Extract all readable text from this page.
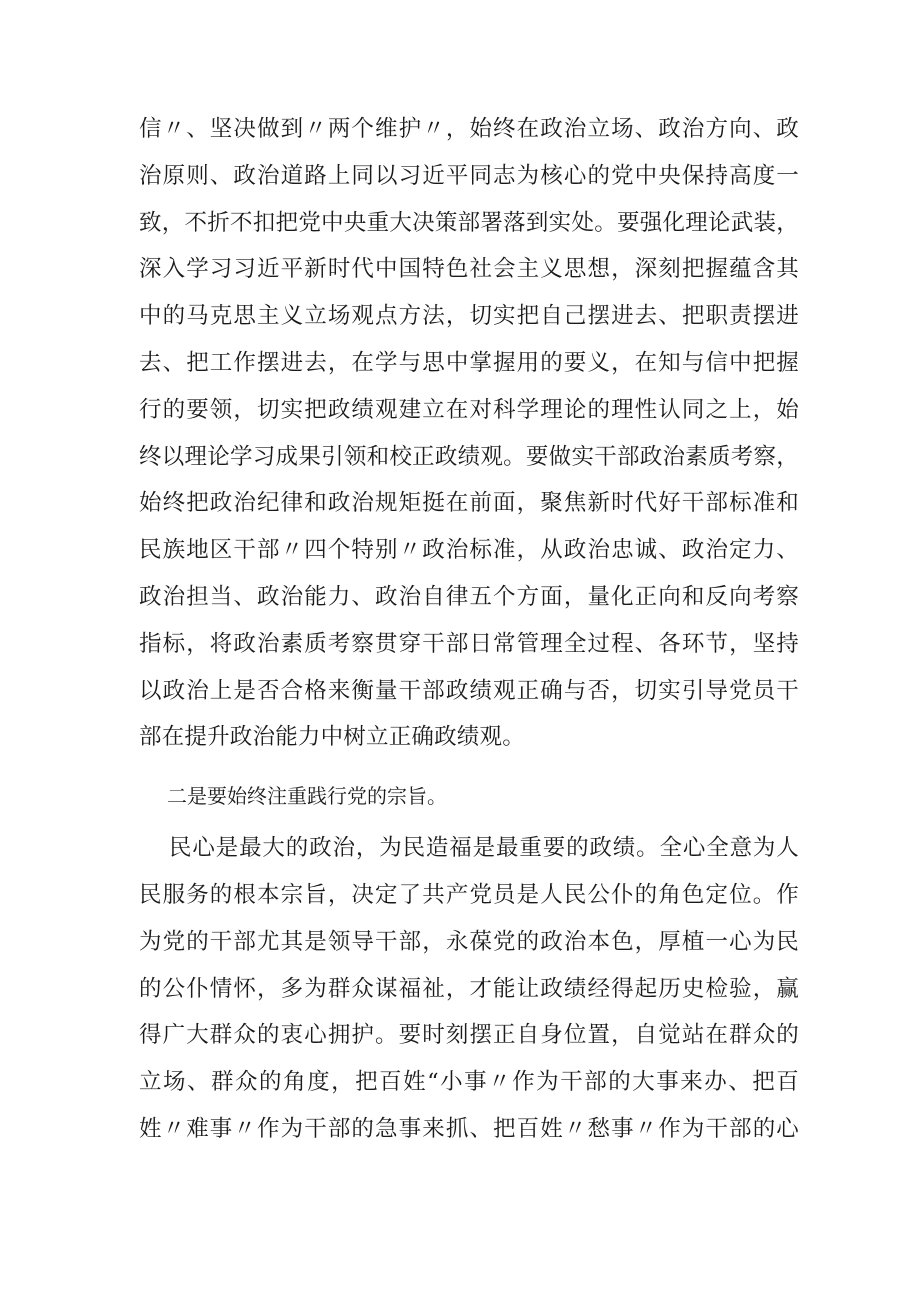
信〃、坚决做到〃两个维护〃，始终在政治立场、政治方向、政
治原则、政治道路上同以习近平同志为核心的党中央保持高度一
致，不折不扣把党中央重大决策部署落到实处。要强化理论武装，
深入学习习近平新时代中国特色社会主义思想，深刻把握蕴含其
中的马克思主义立场观点方法，切实把自己摆进去、把职责摆进
去、把工作摆进去，在学与思中掌握用的要义，在知与信中把握
行的要领，切实把政绩观建立在对科学理论的理性认同之上，始
终以理论学习成果引领和校正政绩观。要做实干部政治素质考察，
始终把政治纪律和政治规矩挺在前面，聚焦新时代好干部标准和
民族地区干部〃四个特别〃政治标准，从政治忠诚、政治定力、
政治担当、政治能力、政治自律五个方面，量化正向和反向考察
指标，将政治素质考察贯穿干部日常管理全过程、各环节，坚持
以政治上是否合格来衡量干部政绩观正确与否，切实引导党员干
部在提升政治能力中树立正确政绩观。
二是要始终注重践行党的宗旨。
民心是最大的政治，为民造福是最重要的政绩。全心全意为人
民服务的根本宗旨，决定了共产党员是人民公仆的角色定位。作
为党的干部尤其是领导干部，永葆党的政治本色，厚植一心为民
的公仆情怀，多为群众谋福祉，才能让政绩经得起历史检验，赢
得广大群众的衷心拥护。要时刻摆正自身位置，自觉站在群众的
立场、群众的角度，把百姓“小事〃作为干部的大事来办、把百
姓〃难事〃作为干部的急事来抓、把百姓〃愁事〃作为干部的心
